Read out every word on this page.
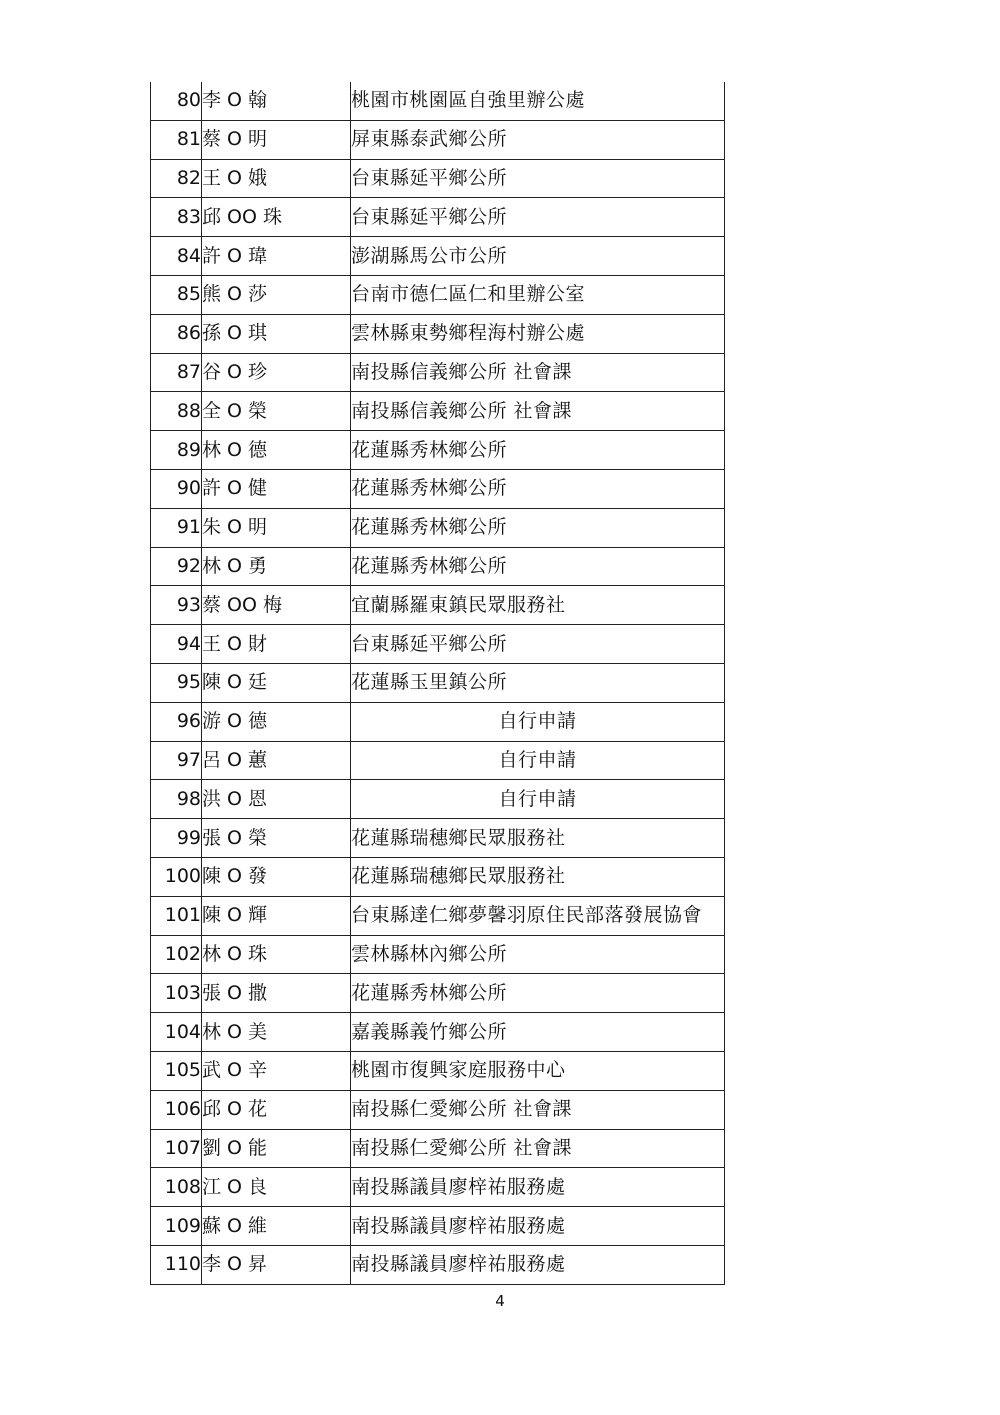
80	李 O 翰	桃園市桃園區自強里辦公處
81	蔡 O 明	屏東縣泰武鄉公所
82	王 O 娥	台東縣延平鄉公所
83	邱 OO 珠	台東縣延平鄉公所
84	許 O 瑋	澎湖縣馬公市公所
85	熊 O 莎	台南市德仁區仁和里辦公室
86	孫 O 琪	雲林縣東勢鄉程海村辦公處
87	谷 O 珍	南投縣信義鄉公所 社會課
88	全 O 榮	南投縣信義鄉公所 社會課
89	林 O 德	花蓮縣秀林鄉公所
90	許 O 健	花蓮縣秀林鄉公所
91	朱 O 明	花蓮縣秀林鄉公所
92	林 O 勇	花蓮縣秀林鄉公所
93	蔡 OO 梅	宜蘭縣羅東鎮民眾服務社
94	王 O 財	台東縣延平鄉公所
95	陳 O 廷	花蓮縣玉里鎮公所
96	游 O 德	自行申請
97	呂 O 蕙	自行申請
98	洪 O 恩	自行申請
99	張 O 榮	花蓮縣瑞穗鄉民眾服務社
100	陳 O 發	花蓮縣瑞穗鄉民眾服務社
101	陳 O 輝	台東縣達仁鄉夢馨羽原住民部落發展協會
102	林 O 珠	雲林縣林內鄉公所
103	張 O 撒	花蓮縣秀林鄉公所
104	林 O 美	嘉義縣義竹鄉公所
105	武 O 辛	桃園市復興家庭服務中心
106	邱 O 花	南投縣仁愛鄉公所 社會課
107	劉 O 能	南投縣仁愛鄉公所 社會課
108	江 O 良	南投縣議員廖梓祐服務處
109	蘇 O 維	南投縣議員廖梓祐服務處
110	李 O 昇	南投縣議員廖梓祐服務處
4
